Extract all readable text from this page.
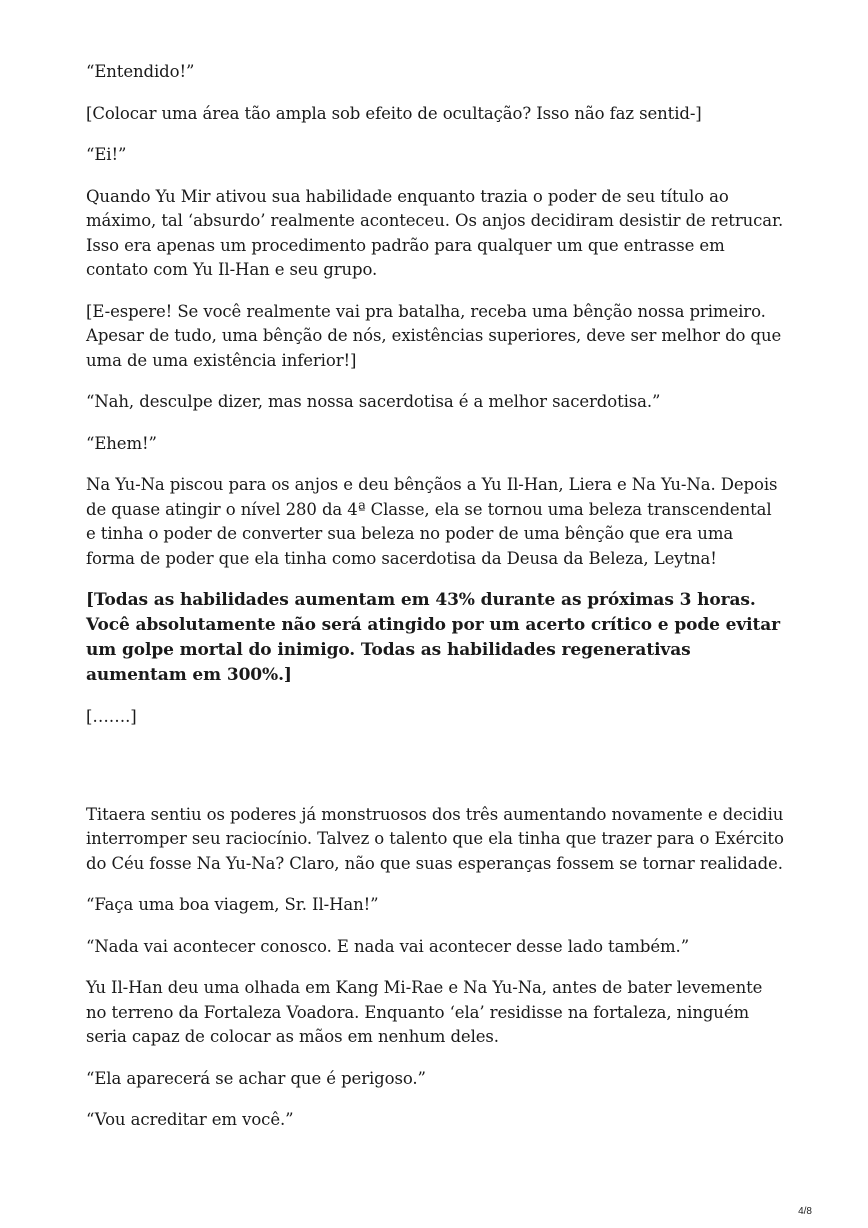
“Entendido!”

[Colocar uma área tão ampla sob efeito de ocultação? Isso não faz sentid-]

“Ei!”

Quando Yu Mir ativou sua habilidade enquanto trazia o poder de seu título ao máximo, tal ‘absurdo’ realmente aconteceu. Os anjos decidiram desistir de retrucar. Isso era apenas um procedimento padrão para qualquer um que entrasse em contato com Yu Il-Han e seu grupo.

[E-espere! Se você realmente vai pra batalha, receba uma bênção nossa primeiro. Apesar de tudo, uma bênção de nós, existências superiores, deve ser melhor do que uma de uma existência inferior!]

“Nah, desculpe dizer, mas nossa sacerdotisa é a melhor sacerdotisa.”

“Ehem!”

Na Yu-Na piscou para os anjos e deu bênçãos a Yu Il-Han, Liera e Na Yu-Na. Depois de quase atingir o nível 280 da 4ª Classe, ela se tornou uma beleza transcendental e tinha o poder de converter sua beleza no poder de uma bênção que era uma forma de poder que ela tinha como sacerdotisa da Deusa da Beleza, Leytna!

[Todas as habilidades aumentam em 43% durante as próximas 3 horas. Você absolutamente não será atingido por um acerto crítico e pode evitar um golpe mortal do inimigo. Todas as habilidades regenerativas aumentam em 300%.]

[…….]

Titaera sentiu os poderes já monstruosos dos três aumentando novamente e decidiu interromper seu raciocínio. Talvez o talento que ela tinha que trazer para o Exército do Céu fosse Na Yu-Na? Claro, não que suas esperanças fossem se tornar realidade.

“Faça uma boa viagem, Sr. Il-Han!”

“Nada vai acontecer conosco. E nada vai acontecer desse lado também.”

Yu Il-Han deu uma olhada em Kang Mi-Rae e Na Yu-Na, antes de bater levemente no terreno da Fortaleza Voadora. Enquanto ‘ela’ residisse na fortaleza, ninguém seria capaz de colocar as mãos em nenhum deles.

“Ela aparecerá se achar que é perigoso.”

“Vou acreditar em você.”

4/8
